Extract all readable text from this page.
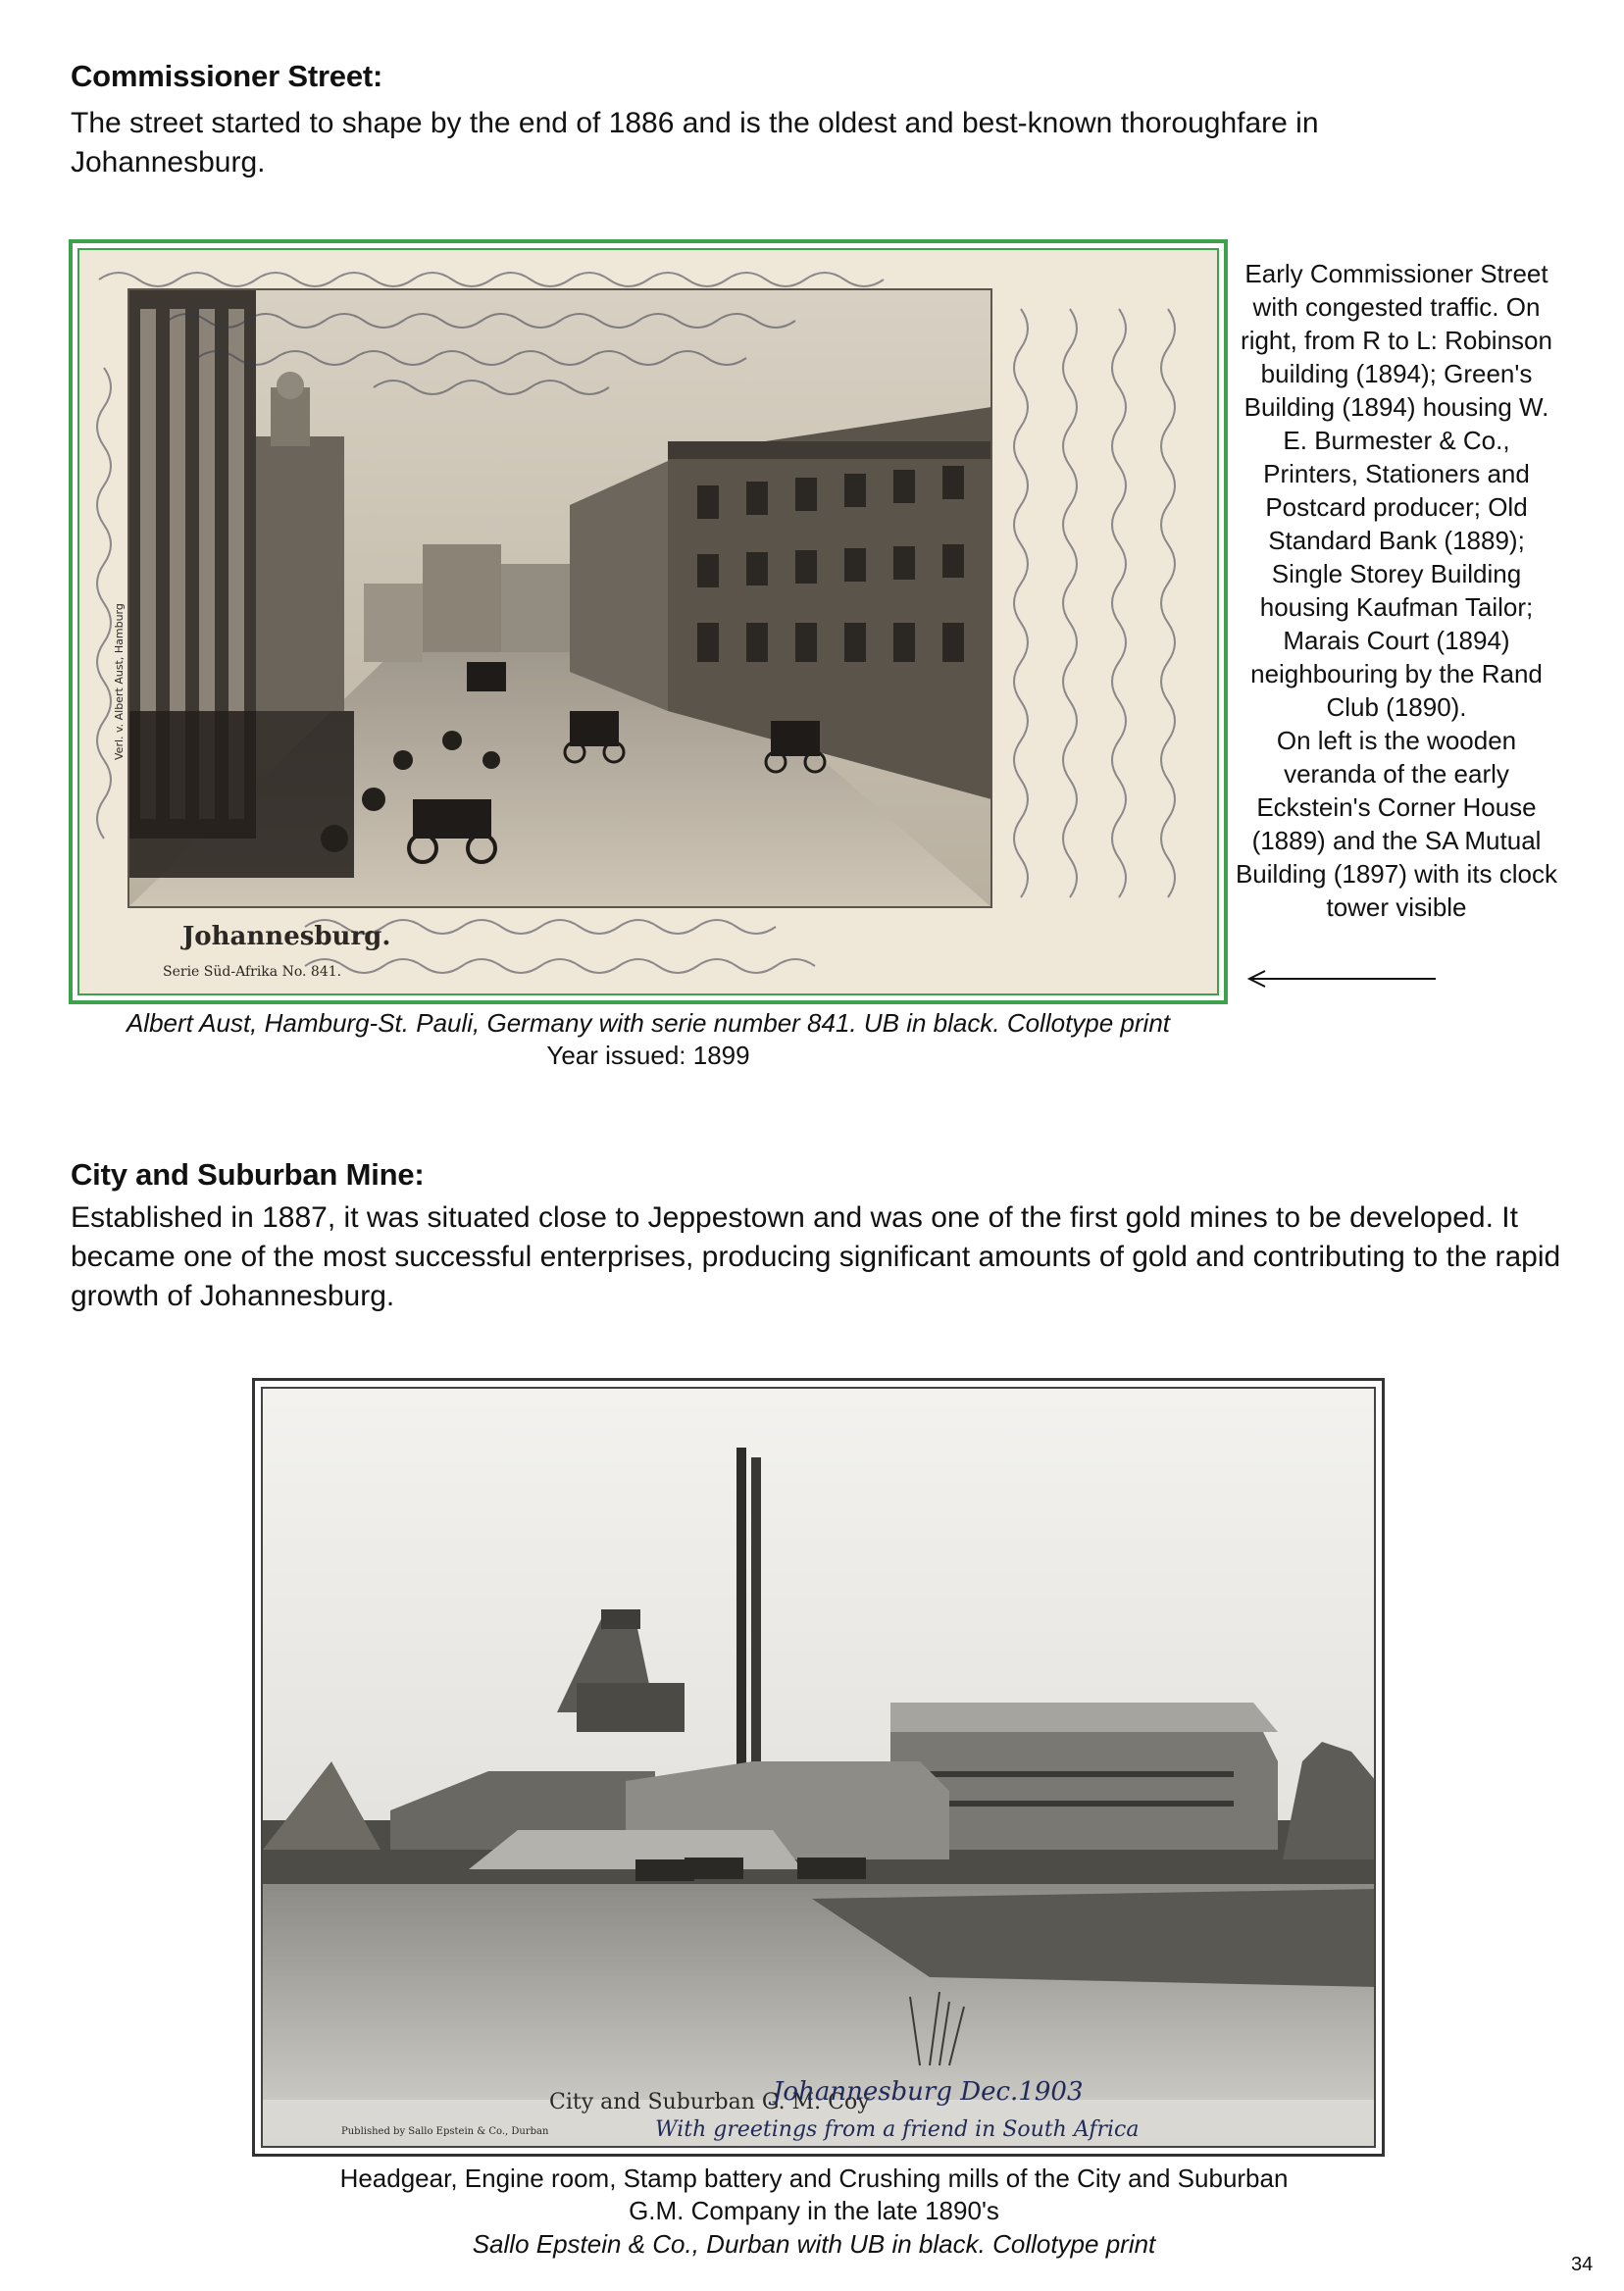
Commissioner Street:
The street started to shape by the end of 1886 and is the oldest and best-known thoroughfare in Johannesburg.
Johannesburg.
Serie Süd-Afrika No. 841.
Verl. v. Albert Aust, Hamburg
Early Commissioner Street with congested traffic. On right, from R to L: Robinson building (1894); Green's Building (1894) housing W. E. Burmester & Co., Printers, Stationers and Postcard producer; Old Standard Bank (1889); Single Storey Building housing Kaufman Tailor; Marais Court (1894) neighbouring by the Rand Club (1890).
On left is the wooden veranda of the early Eckstein's Corner House (1889) and the SA Mutual Building (1897) with its clock tower visible
Albert Aust, Hamburg-St. Pauli, Germany with serie number 841. UB in black. Collotype print
Year issued: 1899
City and Suburban Mine:
Established in 1887, it was situated close to Jeppestown and was one of the first gold mines to be developed. It became one of the most successful enterprises, producing significant amounts of gold and contributing to the rapid growth of Johannesburg.
City and Suburban G. M. Coy
Johannesburg Dec.1903
With greetings from a friend in South Africa
Published by Sallo Epstein & Co., Durban
Headgear, Engine room, Stamp battery and Crushing mills of the City and Suburban
G.M. Company in the late 1890's
Sallo Epstein & Co., Durban with UB in black. Collotype print
34
